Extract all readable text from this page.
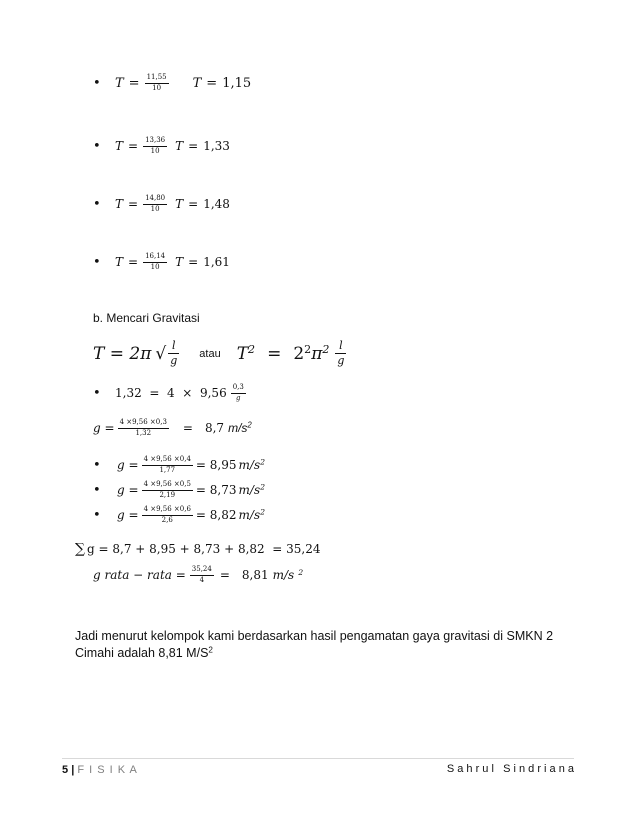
•	$T = \frac{11,55}{10}$ T = 1,15
•	$T = \frac{13,36}{10}$ T = 1,33
•	$T = \frac{14,80}{10}$ T = 1,48
•	$T = \frac{16,14}{10}$ T = 1,61
b. Mencari Gravitasi
T = 2π √ $\frac{l}{g}$ atau $T^2 = 2^2$ $\pi^2 \frac{l}{g}$
•	$1,32 = 4 \times 9,56 \frac{0,3}{g}$
$g = \frac{4 \times 9,56 \times 0,3}{1,32} = 8,7$ $m/s^2$
•	$g = \frac{4 \times 9,56 \times 0,4}{1,77} = 8,95$ $m/s^2$
•	$g = \frac{4 \times 9,56 \times 0,5}{2,19} = 8,73$ $m/s^2$
•	$g = \frac{4 \times 9,56 \times 0,6}{2,6} = 8,82$ $m/s^2$
∑ g = 8,7 + 8,95 + 8,73 + 8,82  = 35,24
g rata − rata = $\frac{35,24}{4} = 8,81$ m/s $^2$
Jadi menurut kelompok kami berdasarkan hasil pengamatan gaya gravitasi di SMKN 2
Cimahi adalah 8,81 $M/S^2$
5 | F I S I K A	S a h r u l   S i n d r i a n a
